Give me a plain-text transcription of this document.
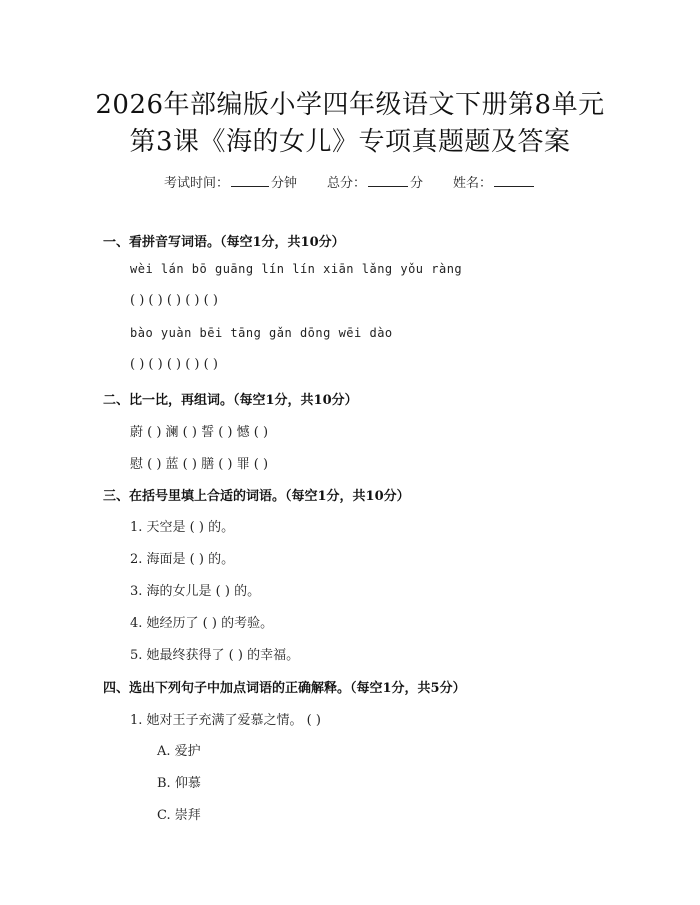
2026年部编版小学四年级语文下册第8单元
第3课《海的女儿》专项真题题及答案
考试时间：	分钟 总分：	分 姓名：
一、看拼音写词语。（每空1分，共10分）
wèi lán bō guāng lín lín xiān lǎng yǒu ràng
( ) ( ) ( ) ( ) ( )
bào yuàn bēi tāng gǎn dōng wēi dào
( ) ( ) ( ) ( ) ( )
二、比一比，再组词。（每空1分，共10分）
蔚 ( ) 澜 ( ) 誓 ( ) 憾 ( )
慰 ( ) 蓝 ( ) 膳 ( ) 罪 ( )
三、在括号里填上合适的词语。（每空1分，共10分）
1. 天空是 ( ) 的。
2. 海面是 ( ) 的。
3. 海的女儿是 ( ) 的。
4. 她经历了 ( ) 的考验。
5. 她最终获得了 ( ) 的幸福。
四、选出下列句子中加点词语的正确解释。（每空1分，共5分）
1. 她对王子充满了爱慕之情。 ( )
A. 爱护
B. 仰慕
C. 崇拜
